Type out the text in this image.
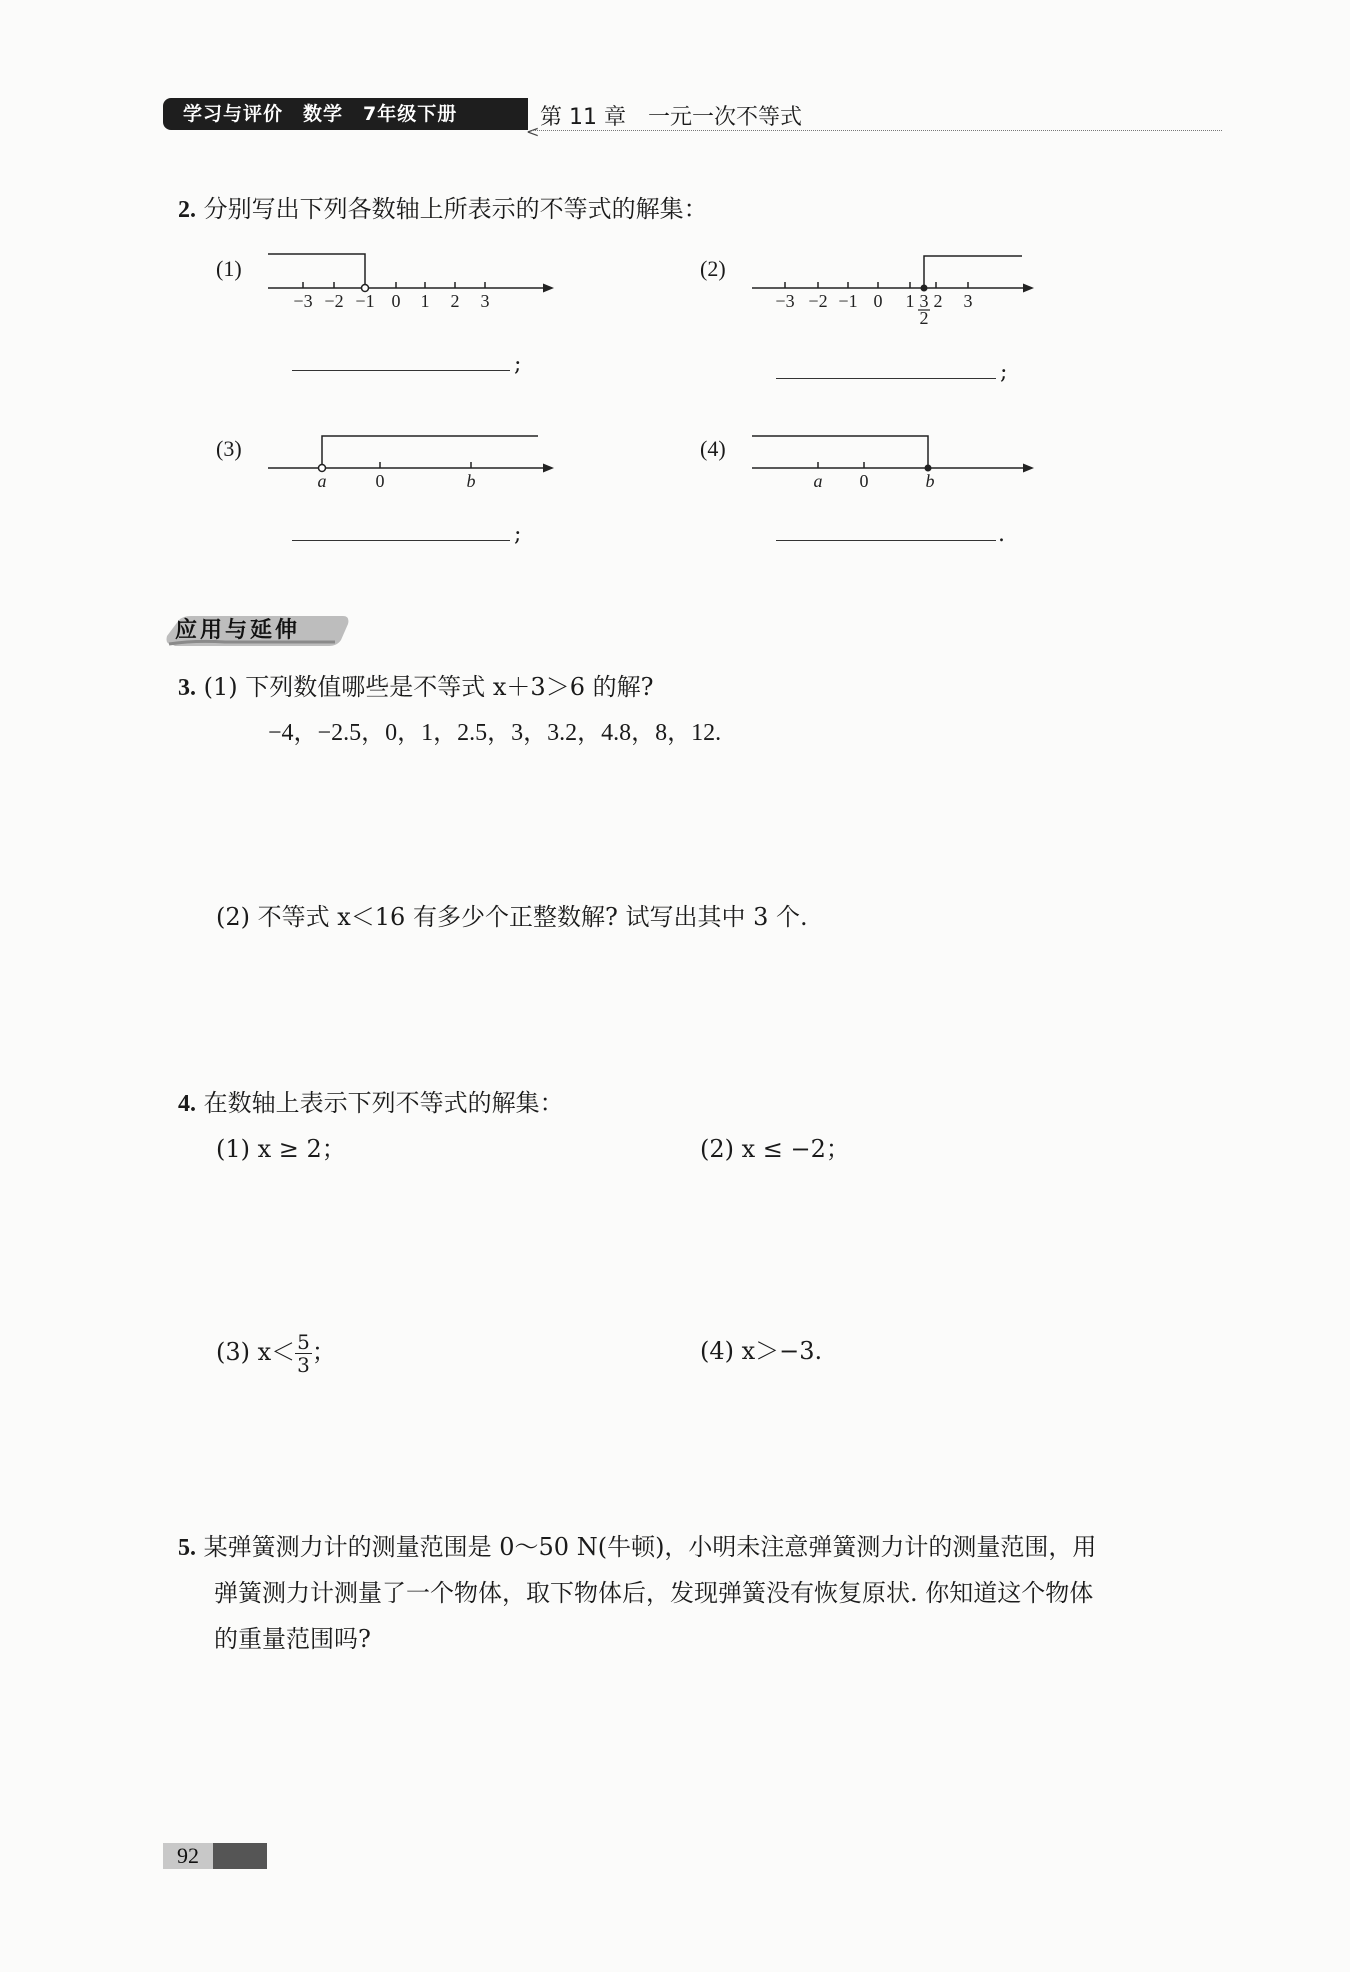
学习与评价　数学　7年级下册
<
第 11 章 一元一次不等式
2. 分别写出下列各数轴上所表示的不等式的解集：
(1)
−3 −2 −1 0 1 2 3
;
(2)
−3 −2 −1 0 1 3 2 3
2
;
(3)
a	0	b
;
(4)
a 0	b
.
应用与延伸
3. (1) 下列数值哪些是不等式 x＋3＞6 的解?
−4，−2.5，0，1，2.5，3，3.2，4.8，8，12.
(2) 不等式 x＜16 有多少个正整数解? 试写出其中 3 个.
4. 在数轴上表示下列不等式的解集：
(1) x ≥ 2；	(2) x ≤ −2；
(3) $x< \frac{5}{3}$ ；	(4) x＞−3.
5. 某弹簧测力计的测量范围是 0～50 N(牛顿)，小明未注意弹簧测力计的测量范围，用
弹簧测力计测量了一个物体，取下物体后，发现弹簧没有恢复原状. 你知道这个物体
的重量范围吗?
92
